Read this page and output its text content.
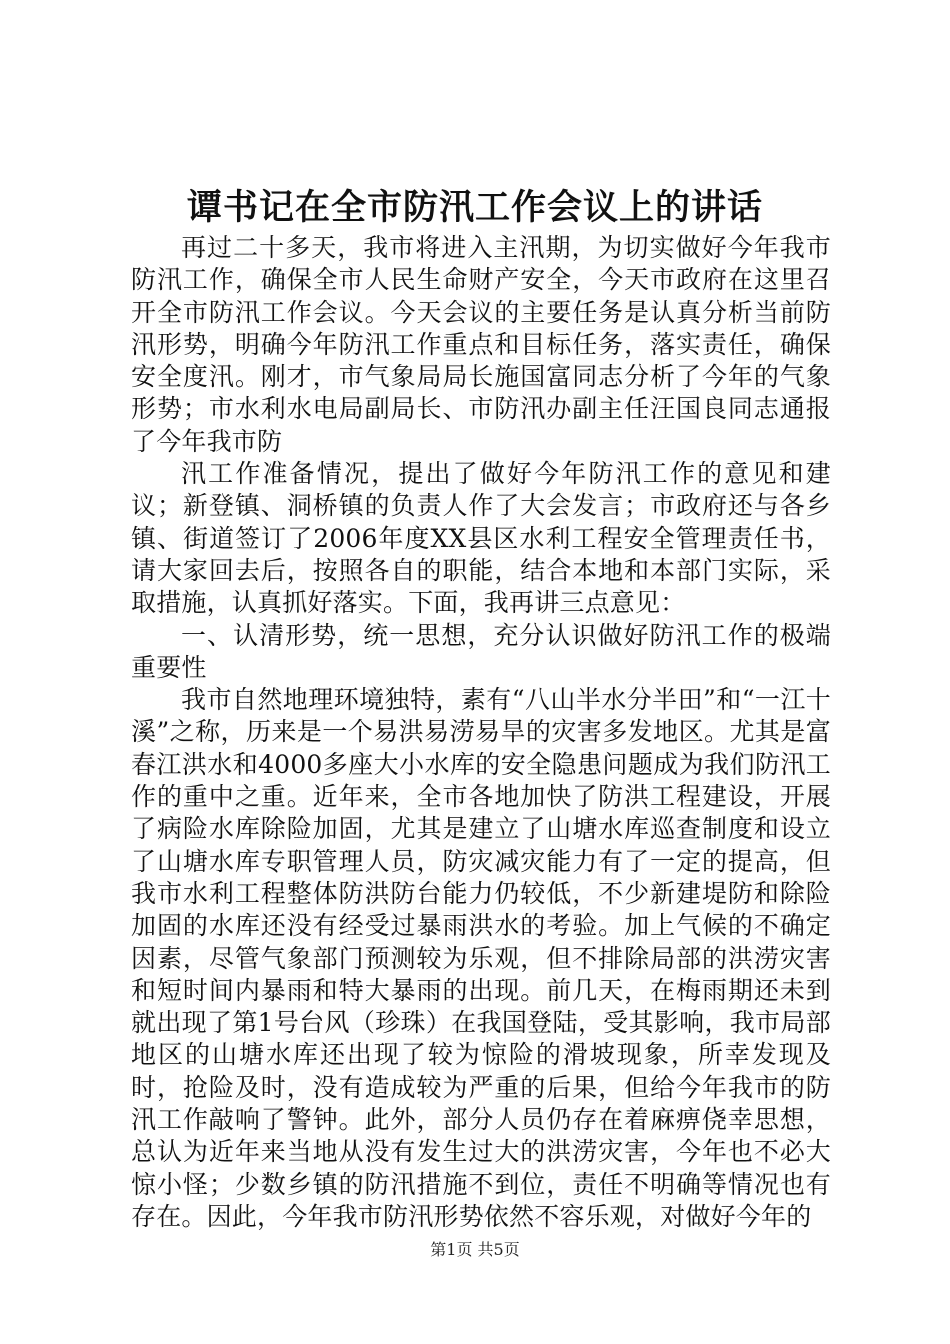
谭书记在全市防汛工作会议上的讲话

再过二十多天，我市将进入主汛期，为切实做好今年我市防汛工作，确保全市人民生命财产安全，今天市政府在这里召开全市防汛工作会议。今天会议的主要任务是认真分析当前防汛形势，明确今年防汛工作重点和目标任务，落实责任，确保安全度汛。刚才，市气象局局长施国富同志分析了今年的气象形势；市水利水电局副局长、市防汛办副主任汪国良同志通报了今年我市防

汛工作准备情况，提出了做好今年防汛工作的意见和建议；新登镇、洞桥镇的负责人作了大会发言；市政府还与各乡镇、街道签订了2006年度XX县区水利工程安全管理责任书，请大家回去后，按照各自的职能，结合本地和本部门实际，采取措施，认真抓好落实。下面，我再讲三点意见：

一、认清形势，统一思想，充分认识做好防汛工作的极端重要性

我市自然地理环境独特，素有“八山半水分半田”和“一江十溪”之称，历来是一个易洪易涝易旱的灾害多发地区。尤其是富春江洪水和4000多座大小水库的安全隐患问题成为我们防汛工作的重中之重。近年来，全市各地加快了防洪工程建设，开展了病险水库除险加固，尤其是建立了山塘水库巡查制度和设立了山塘水库专职管理人员，防灾减灾能力有了一定的提高，但我市水利工程整体防洪防台能力仍较低，不少新建堤防和除险加固的水库还没有经受过暴雨洪水的考验。加上气候的不确定因素，尽管气象部门预测较为乐观，但不排除局部的洪涝灾害和短时间内暴雨和特大暴雨的出现。前几天，在梅雨期还未到就出现了第1号台风（珍珠）在我国登陆，受其影响，我市局部地区的山塘水库还出现了较为惊险的滑坡现象，所幸发现及时，抢险及时，没有造成较为严重的后果，但给今年我市的防汛工作敲响了警钟。此外，部分人员仍存在着麻痹侥幸思想，总认为近年来当地从没有发生过大的洪涝灾害，今年也不必大惊小怪；少数乡镇的防汛措施不到位，责任不明确等情况也有存在。因此，今年我市防汛形势依然不容乐观，对做好今年的

第1页 共5页
